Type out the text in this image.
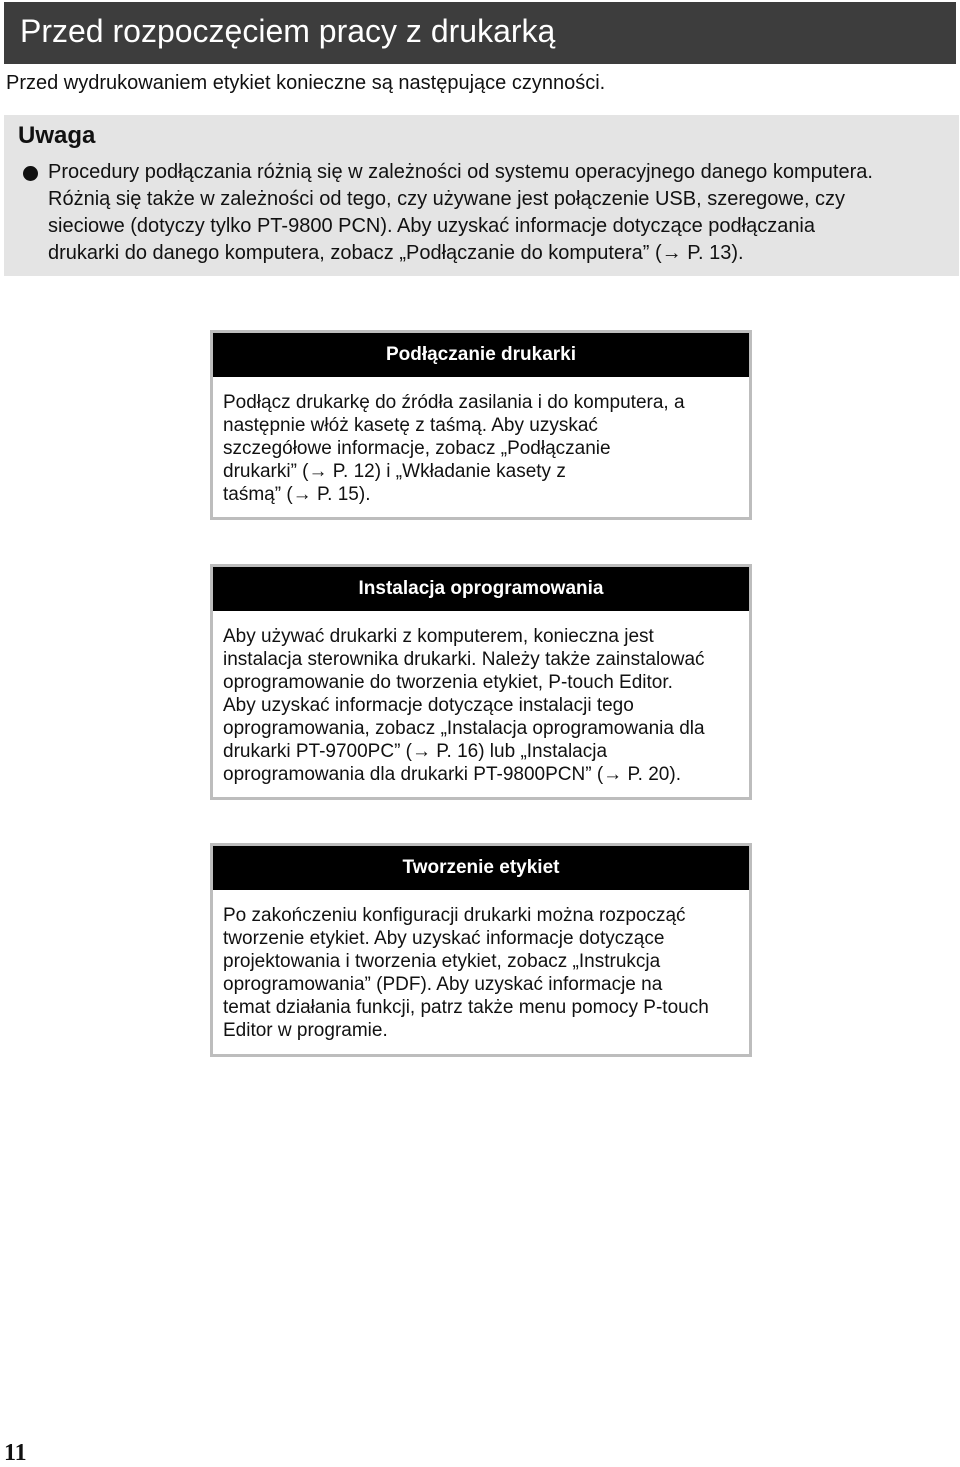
Przed rozpoczęciem pracy z drukarką
Przed wydrukowaniem etykiet konieczne są następujące czynności.
Uwaga
Procedury podłączania różnią się w zależności od systemu operacyjnego danego komputera.
Różnią się także w zależności od tego, czy używane jest połączenie USB, szeregowe, czy
sieciowe (dotyczy tylko PT-9800 PCN). Aby uzyskać informacje dotyczące podłączania
drukarki do danego komputera, zobacz „Podłączanie do komputera” (→ P. 13).
Podłączanie drukarki
Podłącz drukarkę do źródła zasilania i do komputera, a
następnie włóż kasetę z taśmą. Aby uzyskać
szczegółowe informacje, zobacz „Podłączanie
drukarki” (→ P. 12) i „Wkładanie kasety z
taśmą” (→ P. 15).
Instalacja oprogramowania
Aby używać drukarki z komputerem, konieczna jest
instalacja sterownika drukarki. Należy także zainstalować
oprogramowanie do tworzenia etykiet, P-touch Editor.
Aby uzyskać informacje dotyczące instalacji tego
oprogramowania, zobacz „Instalacja oprogramowania dla
drukarki PT-9700PC” (→ P. 16) lub „Instalacja
oprogramowania dla drukarki PT-9800PCN” (→ P. 20).
Tworzenie etykiet
Po zakończeniu konfiguracji drukarki można rozpocząć
tworzenie etykiet. Aby uzyskać informacje dotyczące
projektowania i tworzenia etykiet, zobacz „Instrukcja
oprogramowania” (PDF). Aby uzyskać informacje na
temat działania funkcji, patrz także menu pomocy P-touch
Editor w programie.
11
